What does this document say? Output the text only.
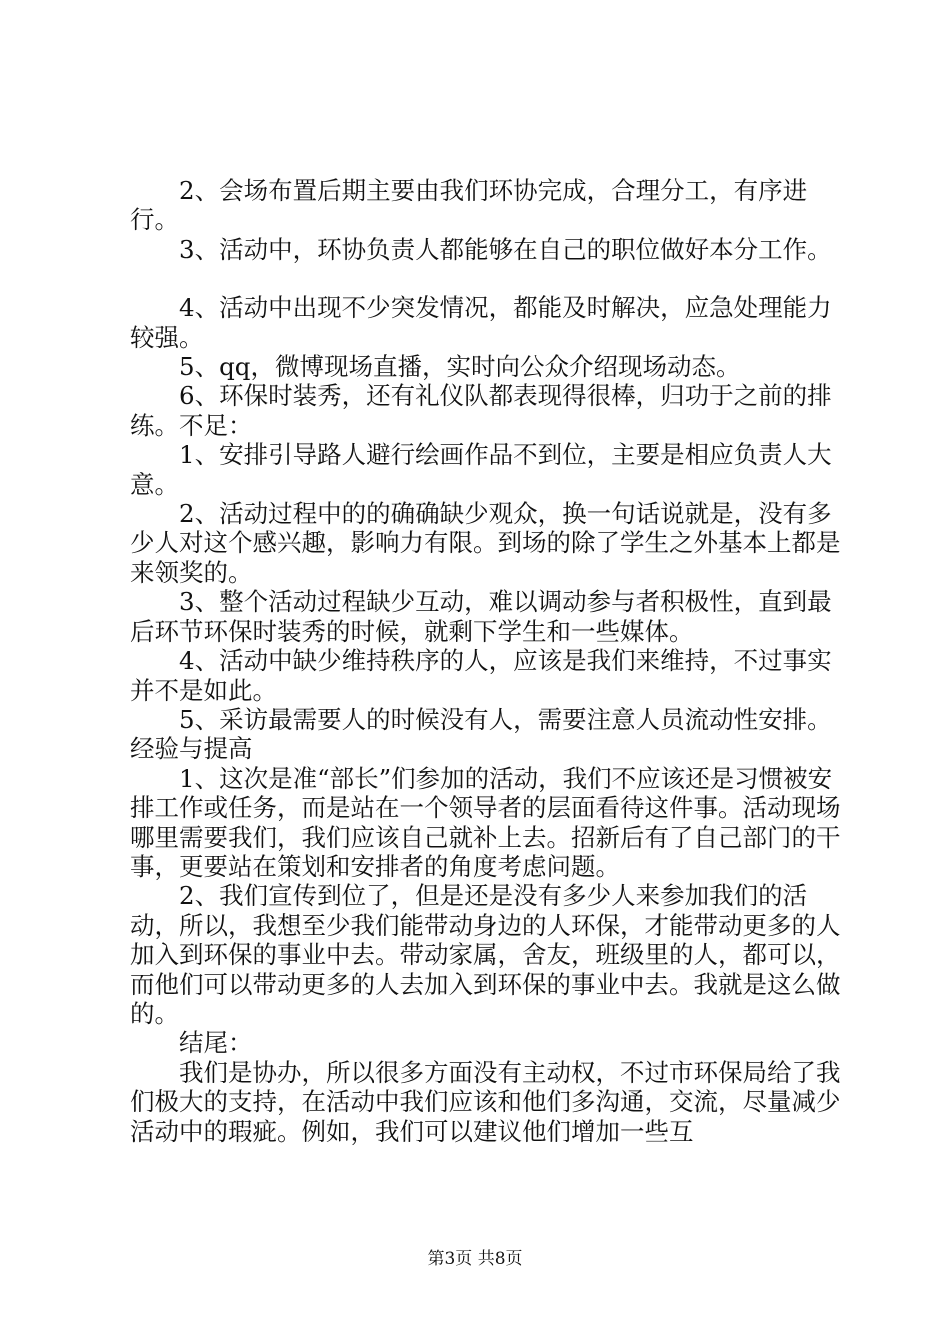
2、会场布置后期主要由我们环协完成，合理分工，有序进行。

3、活动中，环协负责人都能够在自己的职位做好本分工作。

4、活动中出现不少突发情况，都能及时解决，应急处理能力较强。

5、qq，微博现场直播，实时向公众介绍现场动态。

6、环保时装秀，还有礼仪队都表现得很棒，归功于之前的排练。不足：

1、安排引导路人避行绘画作品不到位，主要是相应负责人大意。

2、活动过程中的的确确缺少观众，换一句话说就是，没有多少人对这个感兴趣，影响力有限。到场的除了学生之外基本上都是来领奖的。

3、整个活动过程缺少互动，难以调动参与者积极性，直到最后环节环保时装秀的时候，就剩下学生和一些媒体。

4、活动中缺少维持秩序的人，应该是我们来维持，不过事实并不是如此。

5、采访最需要人的时候没有人，需要注意人员流动性安排。经验与提高

1、这次是准“部长”们参加的活动，我们不应该还是习惯被安排工作或任务，而是站在一个领导者的层面看待这件事。活动现场哪里需要我们，我们应该自己就补上去。招新后有了自己部门的干事，更要站在策划和安排者的角度考虑问题。

2、我们宣传到位了，但是还是没有多少人来参加我们的活动，所以，我想至少我们能带动身边的人环保，才能带动更多的人加入到环保的事业中去。带动家属，舍友，班级里的人，都可以，而他们可以带动更多的人去加入到环保的事业中去。我就是这么做的。

结尾：

我们是协办，所以很多方面没有主动权，不过市环保局给了我们极大的支持，在活动中我们应该和他们多沟通，交流，尽量减少活动中的瑕疵。例如，我们可以建议他们增加一些互

第3页 共8页
